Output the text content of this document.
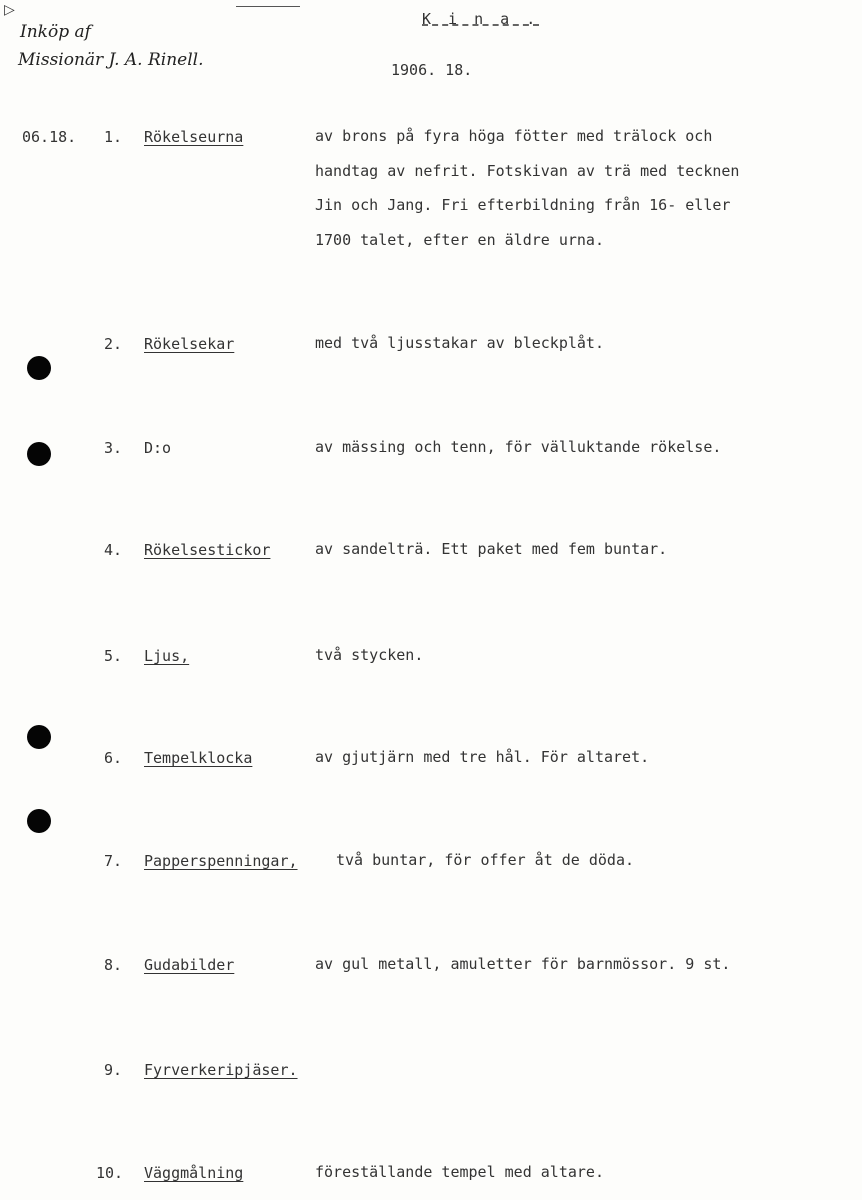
▷
Inköp af
Missionär J. A. Rinell.
K i n a .
1906. 18.
06.18.	1. Rökelseurna	av brons på fyra höga fötter med trälock och
handtag av nefrit. Fotskivan av trä med tecknen
Jin och Jang. Fri efterbildning från 16- eller
1700 talet, efter en äldre urna.
2. Rökelsekar	med två ljusstakar av bleckplåt.
3. D:o	av mässing och tenn, för välluktande rökelse.
4. Rökelsestickor	av sandelträ. Ett paket med fem buntar.
5. Ljus,	två stycken.
6. Tempelklocka	av gjutjärn med tre hål. För altaret.
7. Papperspenningar,	två buntar, för offer åt de döda.
8. Gudabilder	av gul metall, amuletter för barnmössor. 9 st.
9. Fyrverkeripjäser.
10. Väggmålning	föreställande tempel med altare.
